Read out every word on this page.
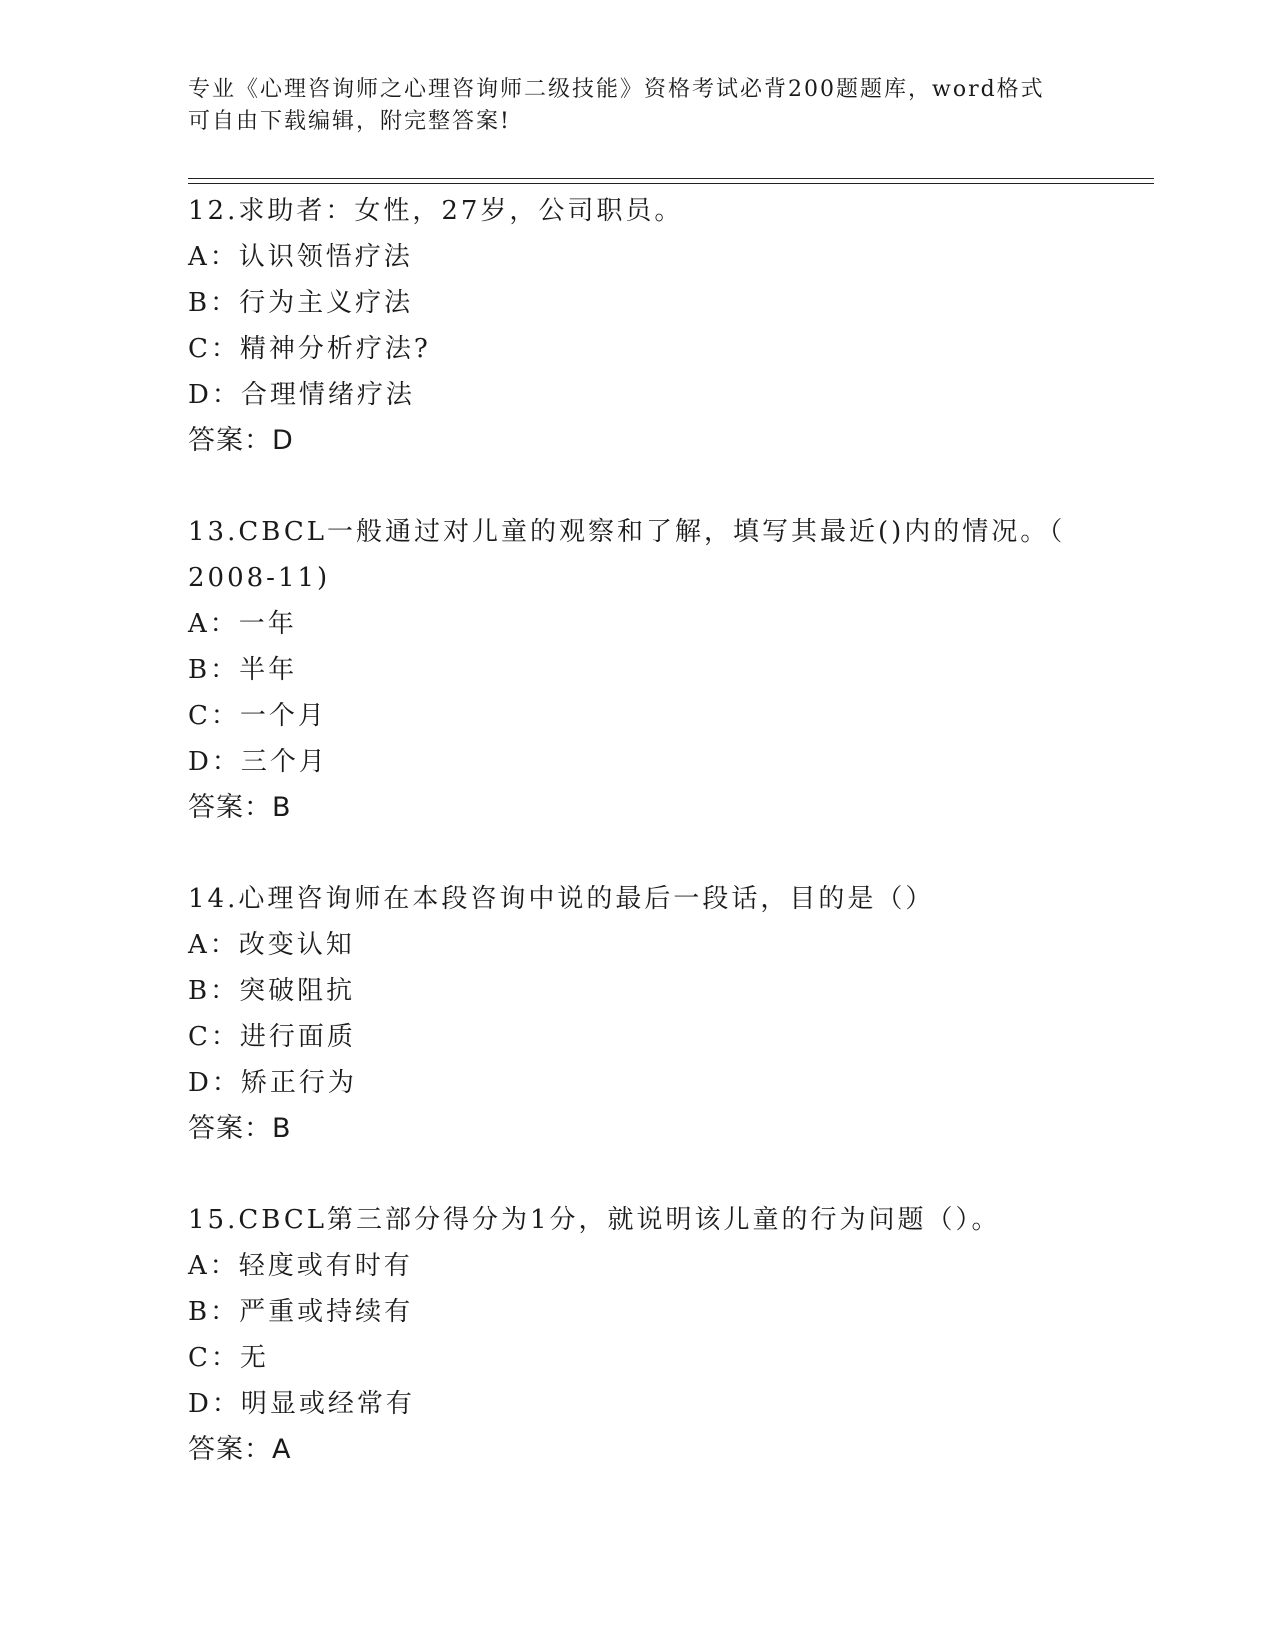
专业《心理咨询师之心理咨询师二级技能》资格考试必背200题题库，word格式
可自由下载编辑，附完整答案!
12.求助者：女性，27岁，公司职员。
A：认识领悟疗法
B：行为主义疗法
C：精神分析疗法?
D：合理情绪疗法
答案：D
13.CBCL一般通过对儿童的观察和了解，填写其最近()内的情况。（
2008-11)
A：一年
B：半年
C：一个月
D：三个月
答案：B
14.心理咨询师在本段咨询中说的最后一段话，目的是（）
A：改变认知
B：突破阻抗
C：进行面质
D：矫正行为
答案：B
15.CBCL第三部分得分为1分，就说明该儿童的行为问题（）。
A：轻度或有时有
B：严重或持续有
C：无
D：明显或经常有
答案：A
